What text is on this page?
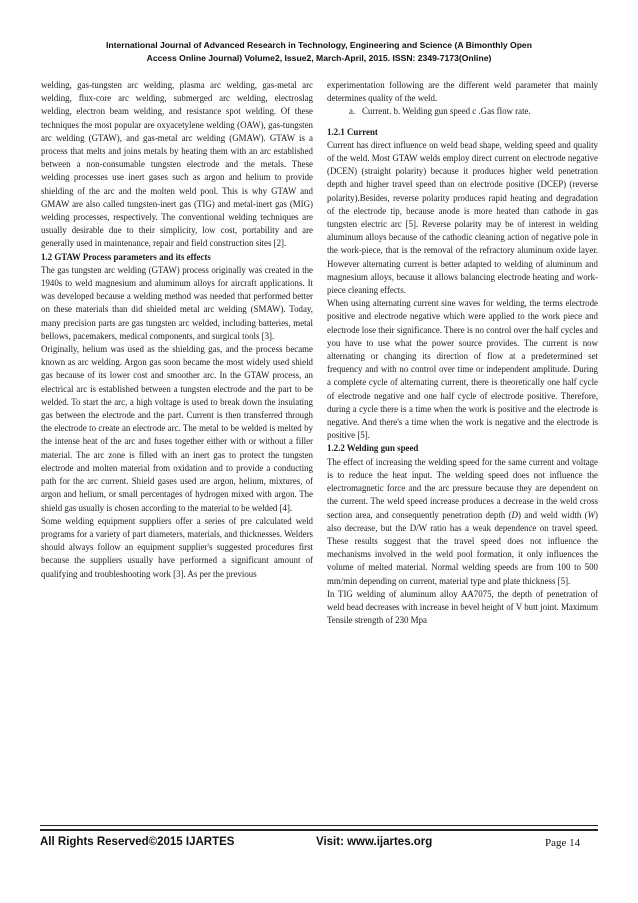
International Journal of Advanced Research in Technology, Engineering and Science (A Bimonthly Open
Access Online Journal) Volume2, Issue2, March-April, 2015. ISSN: 2349-7173(Online)

welding, gas-tungsten arc welding, plasma arc welding, gas-metal arc welding, flux-core arc welding, submerged arc welding, electroslag welding, electron beam welding, and resistance spot welding. Of these techniques the most popular are oxyacetylene welding (OAW), gas-tungsten arc welding (GTAW), and gas-metal arc welding (GMAW). GTAW is a process that melts and joins metals by heating them with an arc established between a non-consumable tungsten electrode and the metals. These welding processes use inert gases such as argon and helium to provide shielding of the arc and the molten weld pool. This is why GTAW and GMAW are also called tungsten-inert gas (TIG) and metal-inert gas (MIG) welding processes, respectively. The conventional welding techniques are usually desirable due to their simplicity, low cost, portability and are generally used in maintenance, repair and field construction sites [2].

1.2 GTAW Process parameters and its effects

The gas tungsten arc welding (GTAW) process originally was created in the 1940s to weld magnesium and aluminum alloys for aircraft applications. It was developed because a welding method was needed that performed better on these materials than did shielded metal arc welding (SMAW). Today, many precision parts are gas tungsten arc welded, including batteries, metal bellows, pacemakers, medical components, and surgical tools [3].

Originally, helium was used as the shielding gas, and the process became known as arc welding. Argon gas soon became the most widely used shield gas because of its lower cost and smoother arc. In the GTAW process, an electrical arc is established between a tungsten electrode and the part to be welded. To start the arc, a high voltage is used to break down the insulating gas between the electrode and the part. Current is then transferred through the electrode to create an electrode arc. The metal to be welded is melted by the intense heat of the arc and fuses together either with or without a filler material. The arc zone is filled with an inert gas to protect the tungsten electrode and molten material from oxidation and to provide a conducting path for the arc current. Shield gases used are argon, helium, mixtures, of argon and helium, or small percentages of hydrogen mixed with argon. The shield gas usually is chosen according to the material to be welded [4].

Some welding equipment suppliers offer a series of pre calculated weld programs for a variety of part diameters, materials, and thicknesses. Welders should always follow an equipment supplier's suggested procedures first because the suppliers usually have performed a significant amount of qualifying and troubleshooting work [3]. As per the previous

experimentation following are the different weld parameter that mainly determines quality of the weld.

a. Current. b. Welding gun speed c .Gas flow rate.

1.2.1 Current

Current has direct influence on weld bead shape, welding speed and quality of the weld. Most GTAW welds employ direct current on electrode negative (DCEN) (straight polarity) because it produces higher weld penetration depth and higher travel speed than on electrode positive (DCEP) (reverse polarity).Besides, reverse polarity produces rapid heating and degradation of the electrode tip, because anode is more heated than cathode in gas tungsten electric arc [5]. Reverse polarity may be of interest in welding aluminum alloys because of the cathodic cleaning action of negative pole in the work-piece, that is the removal of the refractory aluminum oxide layer. However alternating current is better adapted to welding of aluminum and magnesium alloys, because it allows balancing electrode heating and work-piece cleaning effects.

When using alternating current sine waves for welding, the terms electrode positive and electrode negative which were applied to the work piece and electrode lose their significance. There is no control over the half cycles and you have to use what the power source provides. The current is now alternating or changing its direction of flow at a predetermined set frequency and with no control over time or independent amplitude. During a complete cycle of alternating current, there is theoretically one half cycle of electrode negative and one half cycle of electrode positive. Therefore, during a cycle there is a time when the work is positive and the electrode is negative. And there's a time when the work is negative and the electrode is positive [5].

1.2.2 Welding gun speed

The effect of increasing the welding speed for the same current and voltage is to reduce the heat input. The welding speed does not influence the electromagnetic force and the arc pressure because they are dependent on the current. The weld speed increase produces a decrease in the weld cross section area, and consequently penetration depth (D) and weld width (W) also decrease, but the D/W ratio has a weak dependence on travel speed. These results suggest that the travel speed does not influence the mechanisms involved in the weld pool formation, it only influences the volume of melted material. Normal welding speeds are from 100 to 500 mm/min depending on current, material type and plate thickness [5].

In TIG welding of aluminum alloy AA7075, the depth of penetration of weld bead decreases with increase in bevel height of V butt joint. Maximum Tensile strength of 230 Mpa

All Rights Reserved©2015 IJARTES	Visit: www.ijartes.org	Page 14
